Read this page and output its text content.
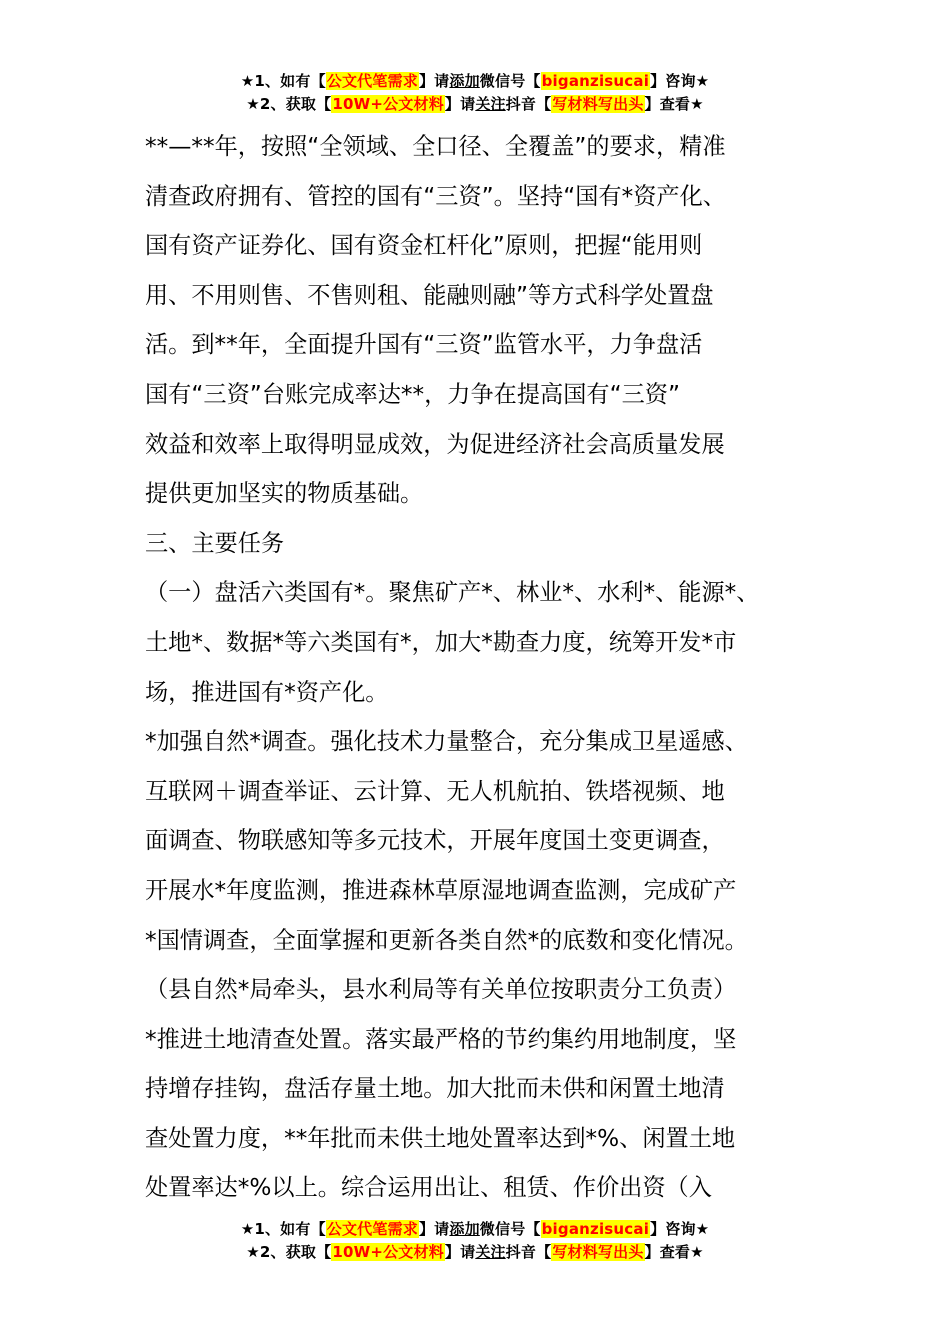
★1、如有【公文代笔需求】请添加微信号【biganzisucai】咨询★
★2、获取【10W+公文材料】请关注抖音【写材料写出头】查看★

**—**年，按照“全领域、全口径、全覆盖”的要求，精准

清查政府拥有、管控的国有“三资”。坚持“国有*资产化、

国有资产证券化、国有资金杠杆化”原则，把握“能用则

用、不用则售、不售则租、能融则融”等方式科学处置盘

活。到**年，全面提升国有“三资”监管水平，力争盘活

国有“三资”台账完成率达**，力争在提高国有“三资”

效益和效率上取得明显成效，为促进经济社会高质量发展

提供更加坚实的物质基础。

三、主要任务

（一）盘活六类国有*。聚焦矿产*、林业*、水利*、能源*、

土地*、数据*等六类国有*，加大*勘查力度，统筹开发*市

场，推进国有*资产化。

*加强自然*调查。强化技术力量整合，充分集成卫星遥感、

互联网＋调查举证、云计算、无人机航拍、铁塔视频、地

面调查、物联感知等多元技术，开展年度国土变更调查，

开展水*年度监测，推进森林草原湿地调查监测，完成矿产

*国情调查，全面掌握和更新各类自然*的底数和变化情况。

（县自然*局牵头，县水利局等有关单位按职责分工负责）

*推进土地清查处置。落实最严格的节约集约用地制度，坚

持增存挂钩，盘活存量土地。加大批而未供和闲置土地清

查处置力度，**年批而未供土地处置率达到*%、闲置土地

处置率达*%以上。综合运用出让、租赁、作价出资（入

★1、如有【公文代笔需求】请添加微信号【biganzisucai】咨询★
★2、获取【10W+公文材料】请关注抖音【写材料写出头】查看★
